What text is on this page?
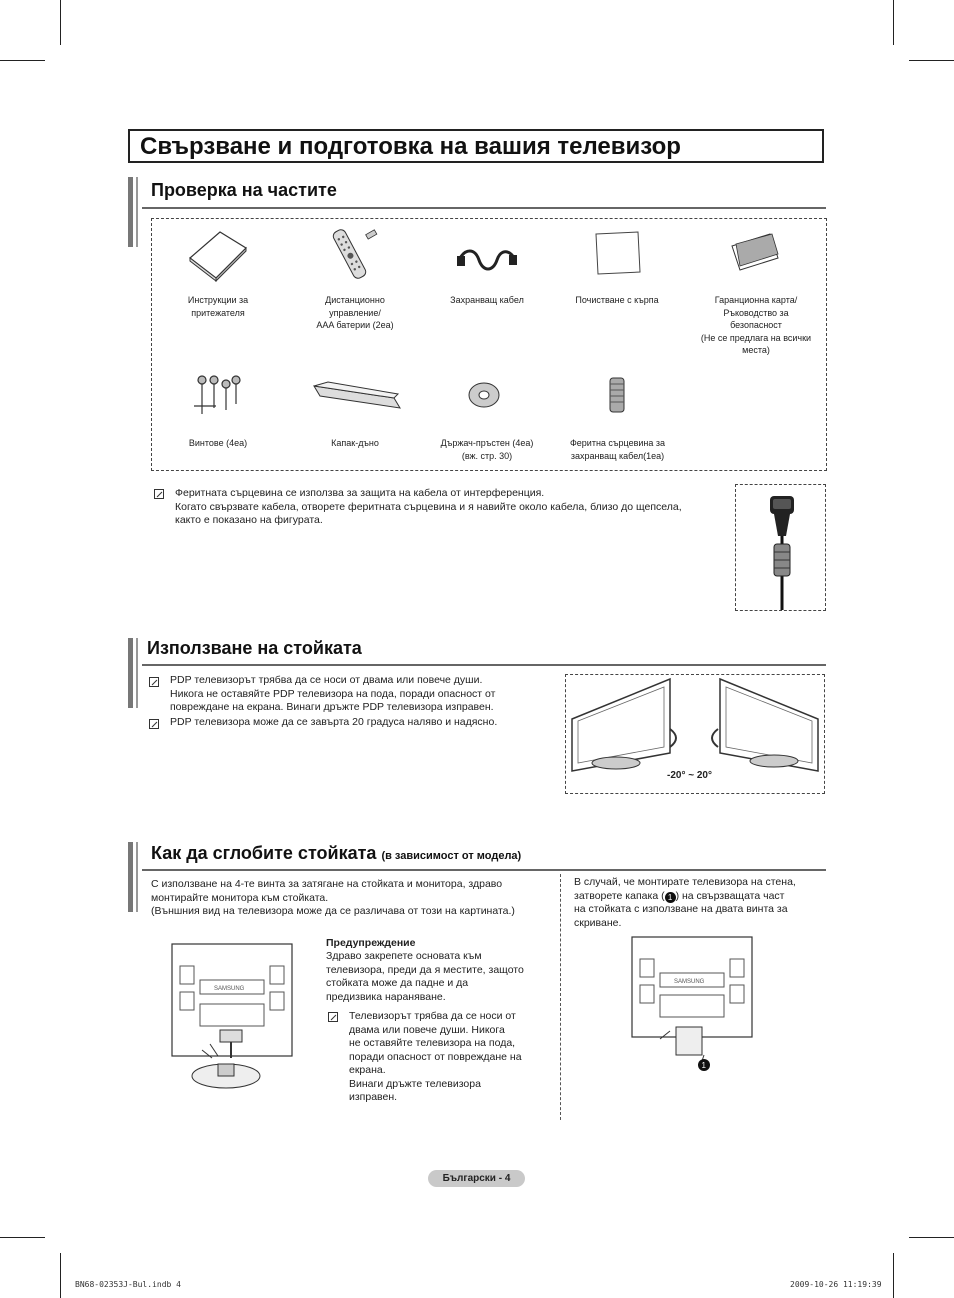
Свързване и подготовка на вашия телевизор
Проверка на частите
Инструкции за
притежателя
Дистанционно
управление/
AAA батерии (2ea)
Захранващ кабел	Почистване с кърпа	Гаранционна карта/
Ръководство за
безопасност
(Не се предлага на всички
места)
Винтове (4ea)	Капак-дъно	Държач-пръстен (4ea)
(вж. стр. 30)
Феритна сърцевина за
захранващ кабел(1ea)
Феритната сърцевина се използва за защита на кабела от интерференция.
Когато свързвате кабела, отворете феритната сърцевина и я навийте около кабела, близо до щепсела,
както е показано на фигурата.
Използване на стойката
PDP телевизорът трябва да се носи от двама или повече души.
Никога не оставяйте PDP телевизора на пода, поради опасност от
повреждане на екрана. Винаги дръжте PDP телевизора изправен.
PDP телевизора може да се завърта 20 градуса наляво и надясно.
-20° ~ 20°
Как да сглобите стойката (в зависимост от модела)
С използване на 4-те винта за затягане на стойката и монитора, здраво
монтирайте монитора към стойката.
(Външния вид на телевизора може да се различава от този на картината.)
SAMSUNG
Предупреждение
Здраво закрепете основата към
телевизора, преди да я местите, защото
стойката може да падне и да
предизвика нараняване.
Телевизорът трябва да се носи от
двама или повече души. Никога
не оставяйте телевизора на пода,
поради опасност от повреждане на
екрана.
Винаги дръжте телевизора
изправен.
В случай, че монтирате телевизора на стена,
затворете капака ( 1 ) на свързващата част
на стойката с използване на двата винта за
скриване.
SAMSUNG
1
Български - 4
BN68-02353J-Bul.indb 4	2009-10-26 11:19:39
